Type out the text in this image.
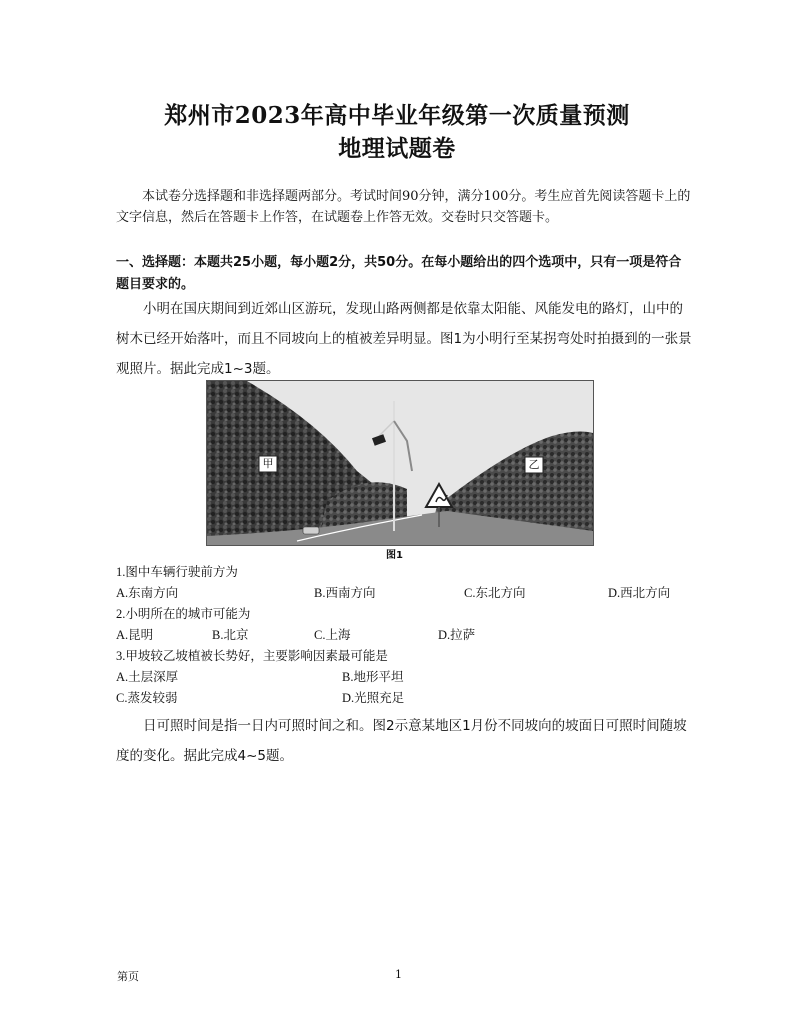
郑州市2023年高中毕业年级第一次质量预测
地理试题卷
本试卷分选择题和非选择题两部分。考试时间90分钟，满分100分。考生应首先阅读答题卡上的文字信息，然后在答题卡上作答，在试题卷上作答无效。交卷时只交答题卡。
一、选择题：本题共25小题，每小题2分，共50分。在每小题给出的四个选项中，只有一项是符合题目要求的。
小明在国庆期间到近郊山区游玩，发现山路两侧都是依靠太阳能、风能发电的路灯，山中的树木已经开始落叶，而且不同坡向上的植被差异明显。图1为小明行至某拐弯处时拍摄到的一张景观照片。据此完成1~3题。
甲	乙
图1
1.图中车辆行驶前方为
A.东南方向	B.西南方向	C.东北方向	D.西北方向
2.小明所在的城市可能为
A.昆明	B.北京	C.上海	D.拉萨
3.甲坡较乙坡植被长势好，主要影响因素最可能是
A.土层深厚	B.地形平坦
C.蒸发较弱	D.光照充足
日可照时间是指一日内可照时间之和。图2示意某地区1月份不同坡向的坡面日可照时间随坡度的变化。据此完成4~5题。
第页	1
